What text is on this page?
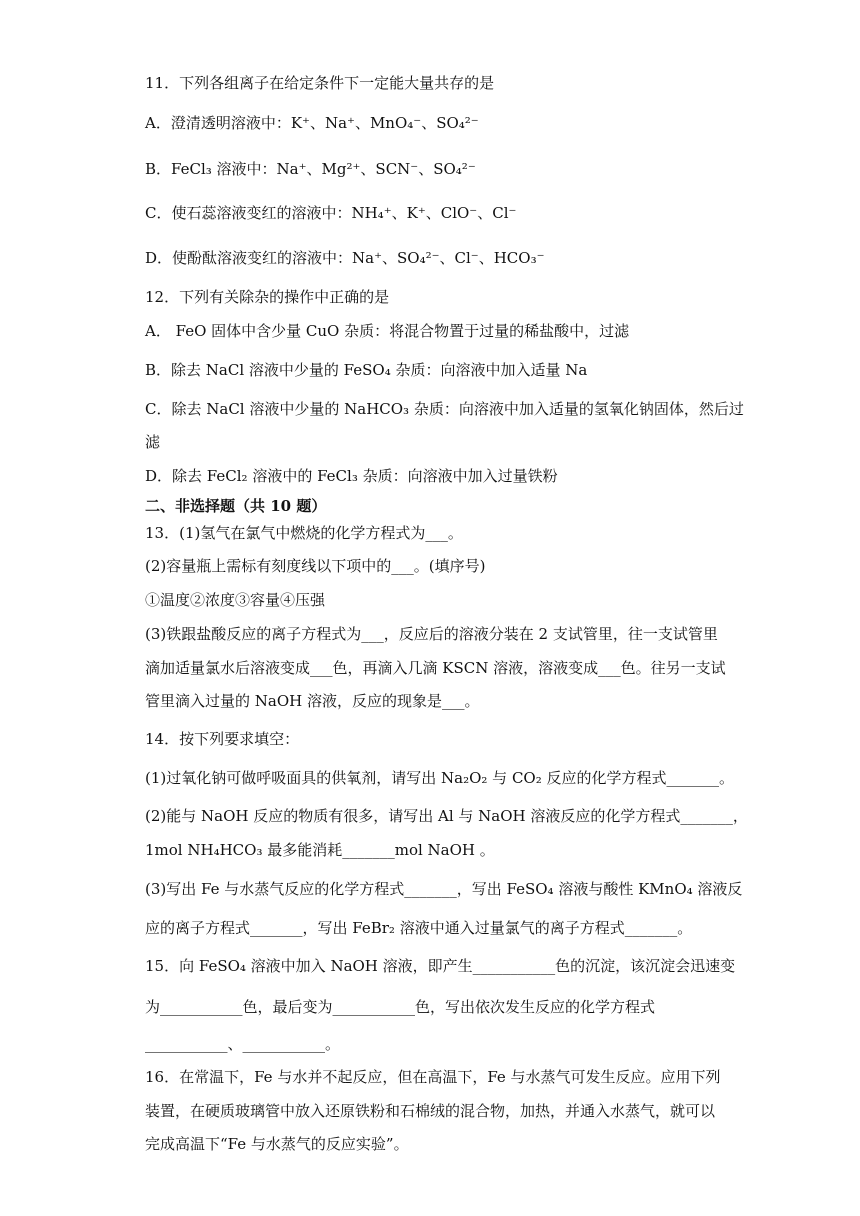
11．下列各组离子在给定条件下一定能大量共存的是
A．澄清透明溶液中：K⁺、Na⁺、MnO₄⁻、SO₄²⁻
B．FeCl₃ 溶液中：Na⁺、Mg²⁺、SCN⁻、SO₄²⁻
C．使石蕊溶液变红的溶液中：NH₄⁺、K⁺、ClO⁻、Cl⁻
D．使酚酞溶液变红的溶液中：Na⁺、SO₄²⁻、Cl⁻、HCO₃⁻
12．下列有关除杂的操作中正确的是
A． FeO 固体中含少量 CuO 杂质：将混合物置于过量的稀盐酸中，过滤
B．除去 NaCl 溶液中少量的 FeSO₄ 杂质：向溶液中加入适量 Na
C．除去 NaCl 溶液中少量的 NaHCO₃ 杂质：向溶液中加入适量的氢氧化钠固体，然后过
滤
D．除去 FeCl₂ 溶液中的 FeCl₃ 杂质：向溶液中加入过量铁粉
二、非选择题（共 10 题）
13．(1)氢气在氯气中燃烧的化学方程式为___。
(2)容量瓶上需标有刻度线以下项中的___。(填序号)
①温度②浓度③容量④压强
(3)铁跟盐酸反应的离子方程式为___，反应后的溶液分装在 2 支试管里，往一支试管里
滴加适量氯水后溶液变成___色，再滴入几滴 KSCN 溶液，溶液变成___色。往另一支试
管里滴入过量的 NaOH 溶液，反应的现象是___。
14．按下列要求填空：
(1)过氧化钠可做呼吸面具的供氧剂，请写出 Na₂O₂ 与 CO₂ 反应的化学方程式_______。
(2)能与 NaOH 反应的物质有很多，请写出 Al 与 NaOH 溶液反应的化学方程式_______，
1mol NH₄HCO₃ 最多能消耗_______mol NaOH 。
(3)写出 Fe 与水蒸气反应的化学方程式_______，写出 FeSO₄ 溶液与酸性 KMnO₄ 溶液反
应的离子方程式_______，写出 FeBr₂ 溶液中通入过量氯气的离子方程式_______。
15．向 FeSO₄ 溶液中加入 NaOH 溶液，即产生___________色的沉淀，该沉淀会迅速变
为___________色，最后变为___________色，写出依次发生反应的化学方程式
___________、___________。
16．在常温下，Fe 与水并不起反应，但在高温下，Fe 与水蒸气可发生反应。应用下列
装置，在硬质玻璃管中放入还原铁粉和石棉绒的混合物，加热，并通入水蒸气，就可以
完成高温下“Fe 与水蒸气的反应实验”。
